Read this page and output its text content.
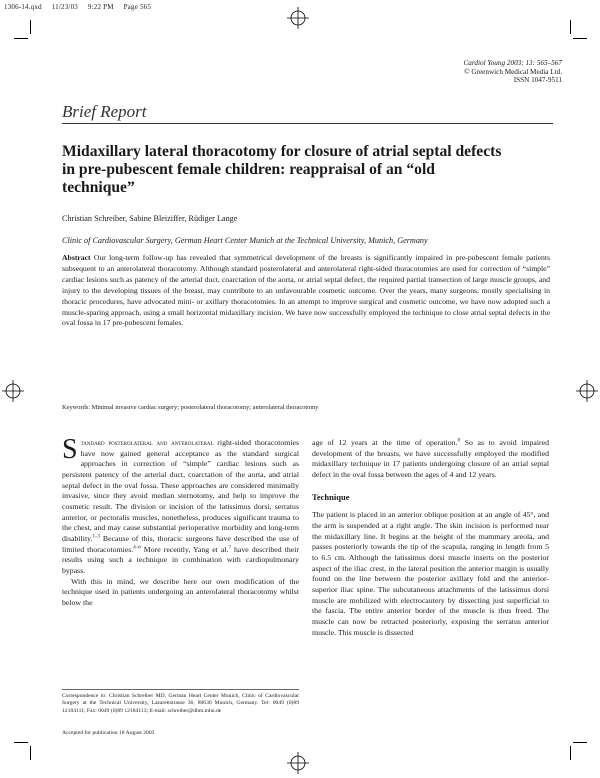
1306-14.qxd 11/23/03 9:22 PM Page 565
Cardiol Young 2003; 13: 565–567
© Greenwich Medical Media Ltd.
ISSN 1047-9511
Brief Report
Midaxillary lateral thoracotomy for closure of atrial septal defects in pre-pubescent female children: reappraisal of an “old technique”
Christian Schreiber, Sabine Bleiziffer, Rüdiger Lange
Clinic of Cardiovascular Surgery, German Heart Center Munich at the Technical University, Munich, Germany
Abstract Our long-term follow-up has revealed that symmetrical development of the breasts is significantly impaired in pre-pubescent female patients subsequent to an anterolateral thoracotomy. Although standard posterolateral and anterolateral right-sided thoracotomies are used for correction of “simple” cardiac lesions such as patency of the arterial duct, coarctation of the aorta, or atrial septal defect, the required partial transection of large muscle groups, and injury to the developing tissues of the breast, may contribute to an unfavourable cosmetic outcome. Over the years, many surgeons, mostly specialising in thoracic procedures, have advocated mini- or axillary thoracotomies. In an attempt to improve surgical and cosmetic outcome, we have now adopted such a muscle-sparing approach, using a small horizontal midaxillary incision. We have now successfully employed the technique to close atrial septal defects in the oval fossa in 17 pre-pubescent females.
Keywords: Minimal invasive cardiac surgery; posterolateral thoracotomy; anterolateral thoracotomy

Standard posterolateral and anterolateral right-sided thoracotomies have now gained general acceptance as the standard surgical approaches in correction of “simple” cardiac lesions such as persistent patency of the arterial duct, coarctation of the aorta, and atrial septal defect in the oval fossa. These approaches are considered minimally invasive, since they avoid median sternotomy, and help to improve the cosmetic result. The division or incision of the latissimus dorsi, serratus anterior, or pectoralis muscles, nonetheless, produces significant trauma to the chest, and may cause substantial perioperative morbidity and long-term disability.$^{1-3}$ Because of this, thoracic surgeons have described the use of limited thoracotomies.$^{4-6}$ More recently, Yang et al.$^7$ have described their results using such a technique in combination with cardiopulmonary bypass.

With this in mind, we describe here our own modification of the technique used in patients undergoing an anterolateral thoracotomy whilst below the

Correspondence to: Christian Schreiber MD, German Heart Center Munich, Clinic of Cardiovascular Surgery at the Technical University, Lazarettstrasse 36, 80636 Munich, Germany. Tel: 0049 (0)89 12184111; Fax: 0049 (0)89 12184113; E-mail: schreiber@dhm.mhn.de
Accepted for publication 18 August 2003

age of 12 years at the time of operation.$^8$ So as to avoid impaired development of the breasts, we have successfully employed the modified midaxillary technique in 17 patients undergoing closure of an atrial septal defect in the oval fossa between the ages of 4 and 12 years.

Technique

The patient is placed in an anterior oblique position at an angle of 45°, and the arm is suspended at a right angle. The skin incision is performed near the midaxillary line. It begins at the height of the mammary areola, and passes posteriorly towards the tip of the scapula, ranging in length from 5 to 6.5 cm. Although the latissimus dorsi muscle inserts on the posterior aspect of the iliac crest, in the lateral position the anterior margin is usually found on the line between the posterior axillary fold and the anterior-superior iliac spine. The subcutaneous attachments of the latissimus dorsi muscle are mobilized with electrocautery by dissecting just superficial to the fascia. The entire anterior border of the muscle is thus freed. The muscle can now be retracted posteriorly, exposing the serratus anterior muscle. This muscle is dissected
